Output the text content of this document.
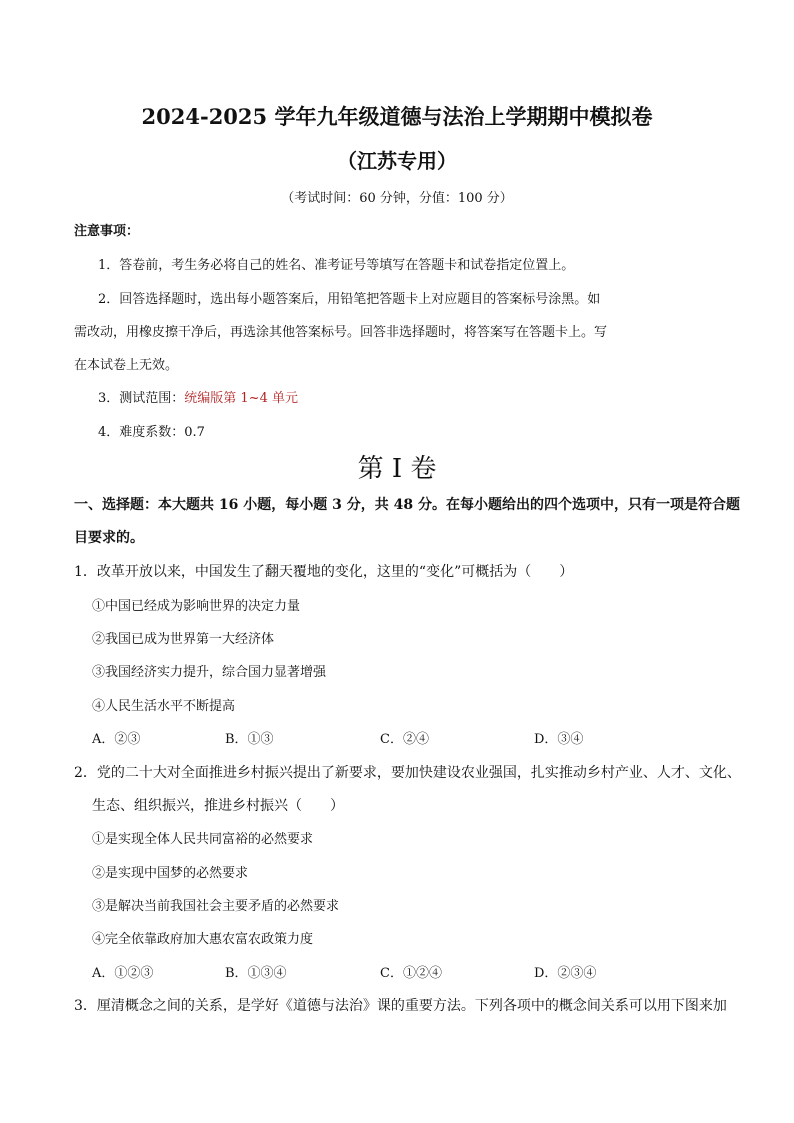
2024-2025 学年九年级道德与法治上学期期中模拟卷
（江苏专用）
（考试时间：60 分钟，分值：100 分）
注意事项：
1．答卷前，考生务必将自己的姓名、准考证号等填写在答题卡和试卷指定位置上。
2．回答选择题时，选出每小题答案后，用铅笔把答题卡上对应题目的答案标号涂黑。如
需改动，用橡皮擦干净后，再选涂其他答案标号。回答非选择题时，将答案写在答题卡上。写
在本试卷上无效。
3．测试范围：统编版第 1~4 单元
4．难度系数：0.7
第 I 卷
一、选择题：本大题共 16 小题，每小题 3 分，共 48 分。在每小题给出的四个选项中，只有一项是符合题
目要求的。
1．改革开放以来，中国发生了翻天覆地的变化，这里的“变化”可概括为（　　）
①中国已经成为影响世界的决定力量
②我国已成为世界第一大经济体
③我国经济实力提升，综合国力显著增强
④人民生活水平不断提高
A．②③	B．①③	C．②④	D．③④
2．党的二十大对全面推进乡村振兴提出了新要求，要加快建设农业强国，扎实推动乡村产业、人才、文化、
生态、组织振兴，推进乡村振兴（　　）
①是实现全体人民共同富裕的必然要求
②是实现中国梦的必然要求
③是解决当前我国社会主要矛盾的必然要求
④完全依靠政府加大惠农富农政策力度
A．①②③	B．①③④	C．①②④	D．②③④
3．厘清概念之间的关系，是学好《道德与法治》课的重要方法。下列各项中的概念间关系可以用下图来加
